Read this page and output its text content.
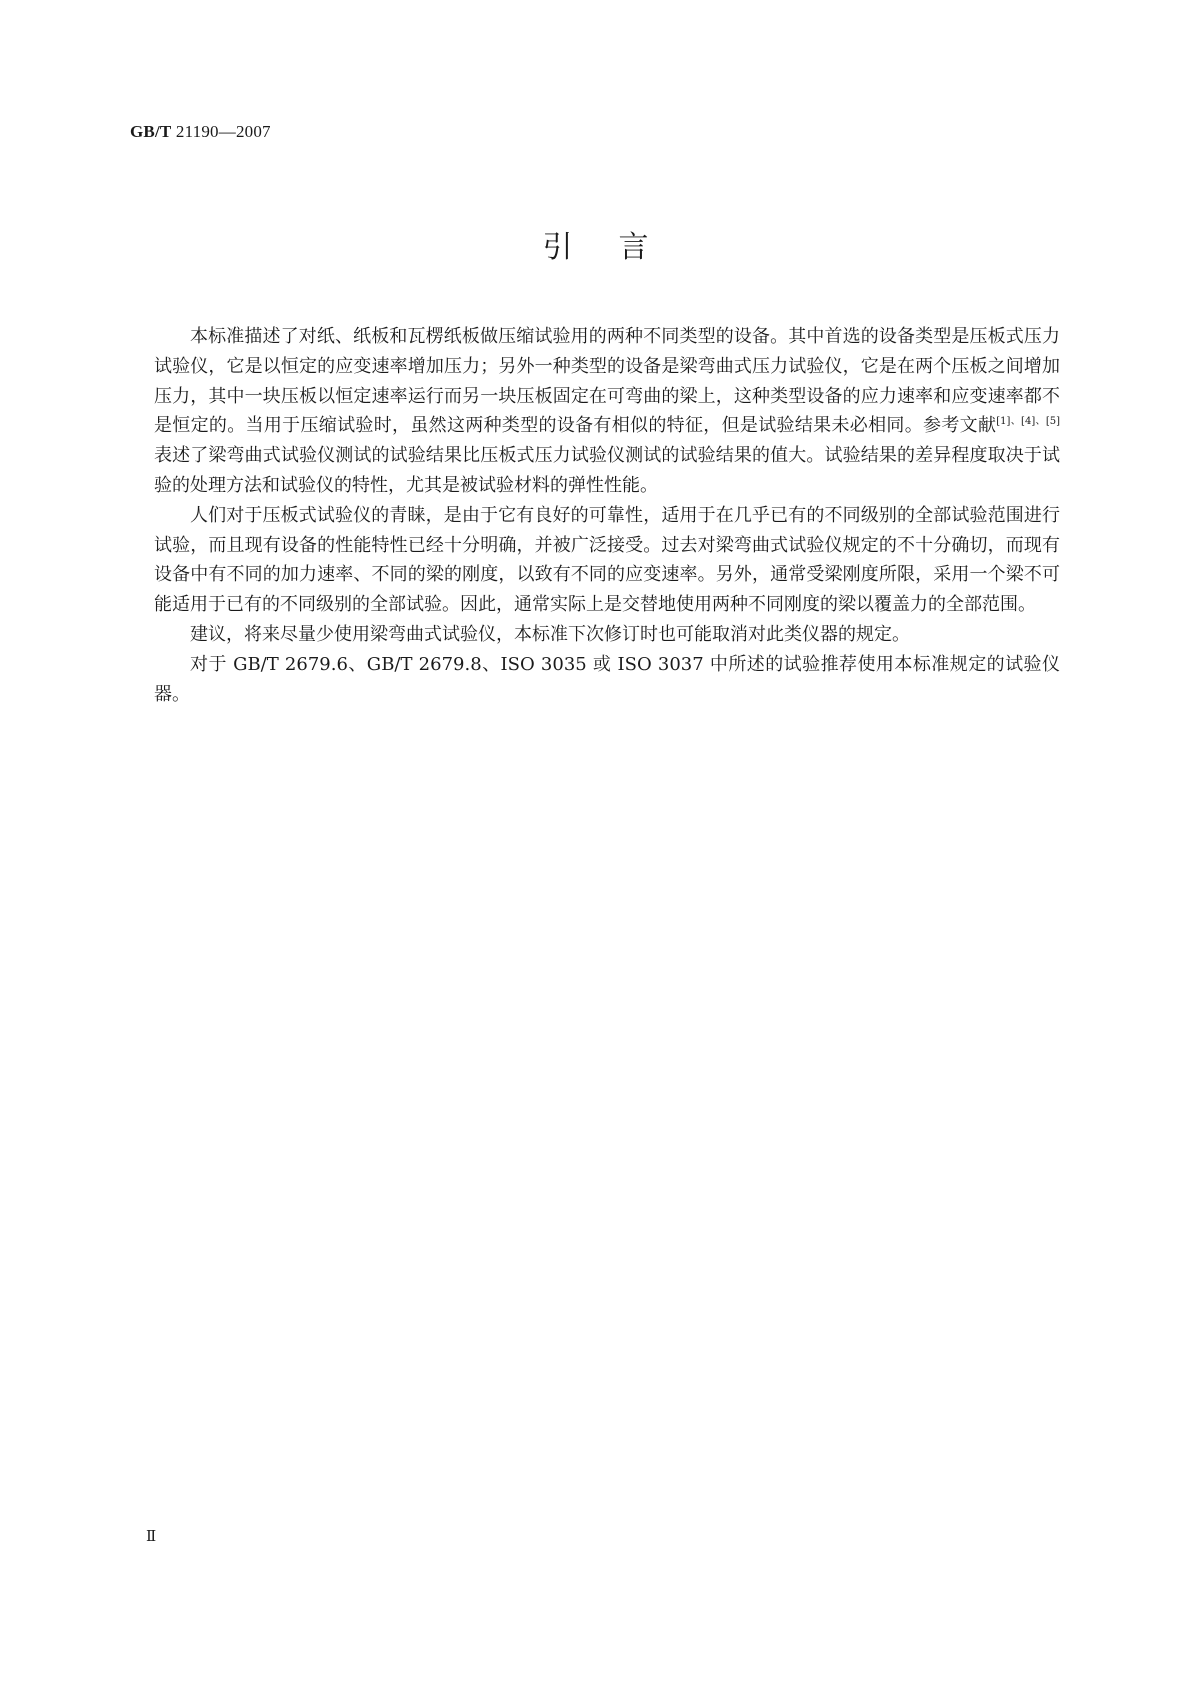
GB/T 21190—2007
引言

本标准描述了对纸、纸板和瓦楞纸板做压缩试验用的两种不同类型的设备。其中首选的设备类型是压板式压力试验仪，它是以恒定的应变速率增加压力；另外一种类型的设备是梁弯曲式压力试验仪，它是在两个压板之间增加压力，其中一块压板以恒定速率运行而另一块压板固定在可弯曲的梁上，这种类型设备的应力速率和应变速率都不是恒定的。当用于压缩试验时，虽然这两种类型的设备有相似的特征，但是试验结果未必相同。参考文献[1]、[4]、[5]表述了梁弯曲式试验仪测试的试验结果比压板式压力试验仪测试的试验结果的值大。试验结果的差异程度取决于试验的处理方法和试验仪的特性，尤其是被试验材料的弹性性能。

人们对于压板式试验仪的青睐，是由于它有良好的可靠性，适用于在几乎已有的不同级别的全部试验范围进行试验，而且现有设备的性能特性已经十分明确，并被广泛接受。过去对梁弯曲式试验仪规定的不十分确切，而现有设备中有不同的加力速率、不同的梁的刚度，以致有不同的应变速率。另外，通常受梁刚度所限，采用一个梁不可能适用于已有的不同级别的全部试验。因此，通常实际上是交替地使用两种不同刚度的梁以覆盖力的全部范围。

建议，将来尽量少使用梁弯曲式试验仪，本标准下次修订时也可能取消对此类仪器的规定。

对于 GB/T 2679.6、GB/T 2679.8、ISO 3035 或 ISO 3037 中所述的试验推荐使用本标准规定的试验仪器。

Ⅱ
